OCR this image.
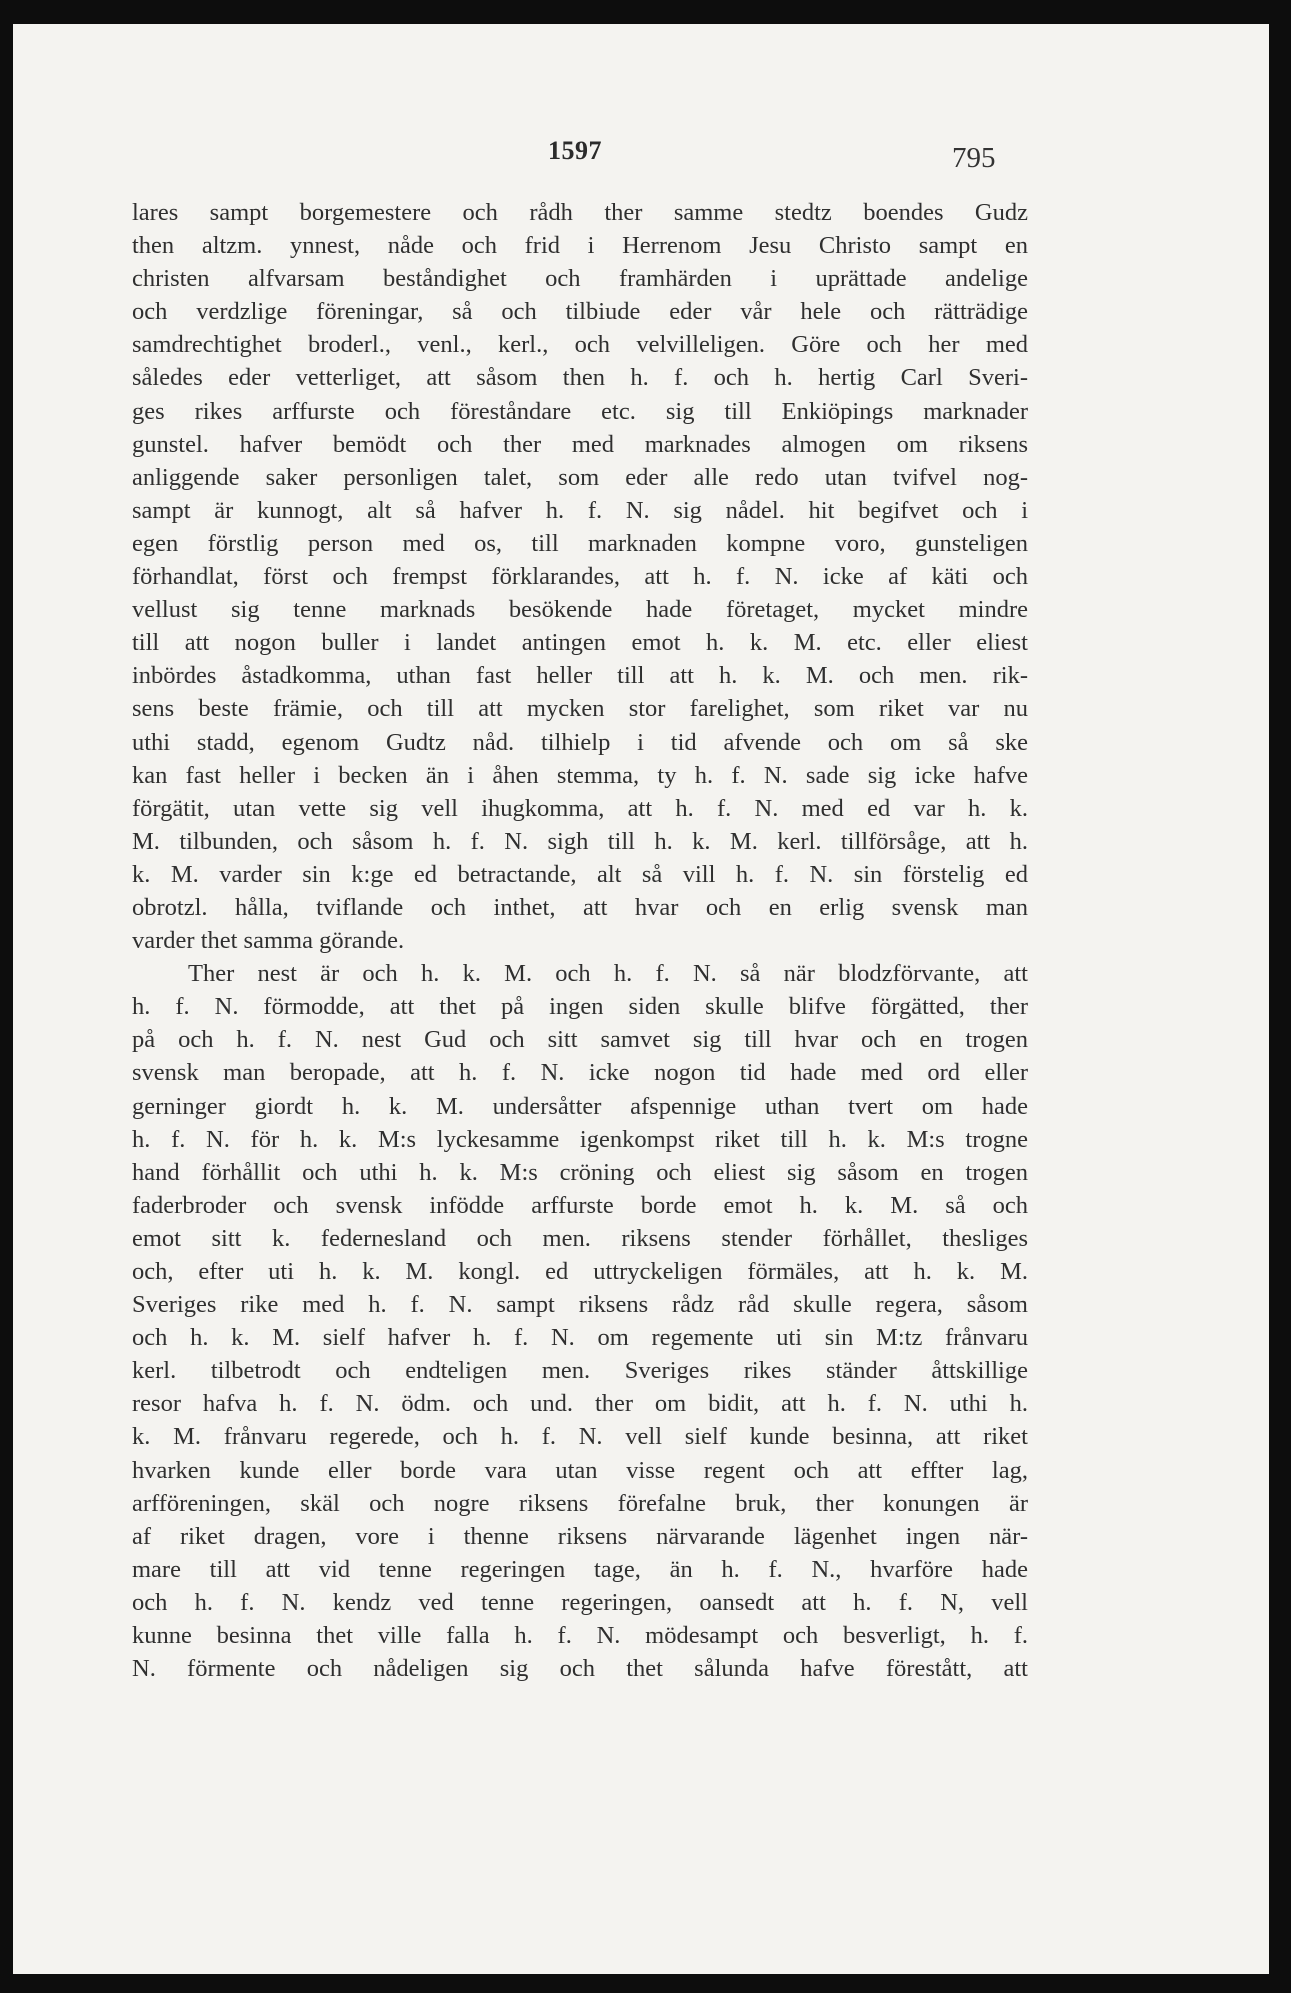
1597	795
lares sampt borgemestere och rådh ther samme stedtz boendes Gudz
then altzm. ynnest, nåde och frid i Herrenom Jesu Christo sampt en
christen alfvarsam beståndighet och framhärden i uprättade andelige
och verdzlige föreningar, så och tilbiude eder vår hele och rätträdige
samdrechtighet broderl., venl., kerl., och velvilleligen. Göre och her med
således eder vetterliget, att såsom then h. f. och h. hertig Carl Sveri-
ges rikes arffurste och föreståndare etc. sig till Enkiöpings marknader
gunstel. hafver bemödt och ther med marknades almogen om riksens
anliggende saker personligen talet, som eder alle redo utan tvifvel nog-
sampt är kunnogt, alt så hafver h. f. N. sig nådel. hit begifvet och i
egen förstlig person med os, till marknaden kompne voro, gunsteligen
förhandlat, först och frempst förklarandes, att h. f. N. icke af käti och
vellust sig tenne marknads besökende hade företaget, mycket mindre
till att nogon buller i landet antingen emot h. k. M. etc. eller eliest
inbördes åstadkomma, uthan fast heller till att h. k. M. och men. rik-
sens beste främie, och till att mycken stor farelighet, som riket var nu
uthi stadd, egenom Gudtz nåd. tilhielp i tid afvende och om så ske
kan fast heller i becken än i åhen stemma, ty h. f. N. sade sig icke hafve
förgätit, utan vette sig vell ihugkomma, att h. f. N. med ed var h. k.
M. tilbunden, och såsom h. f. N. sigh till h. k. M. kerl. tillförsåge, att h.
k. M. varder sin k:ge ed betractande, alt så vill h. f. N. sin förstelig ed
obrotzl. hålla, tviflande och inthet, att hvar och en erlig svensk man
varder thet samma görande.
Ther nest är och h. k. M. och h. f. N. så när blodzförvante, att
h. f. N. förmodde, att thet på ingen siden skulle blifve förgätted, ther
på och h. f. N. nest Gud och sitt samvet sig till hvar och en trogen
svensk man beropade, att h. f. N. icke nogon tid hade med ord eller
gerninger giordt h. k. M. undersåtter afspennige uthan tvert om hade
h. f. N. för h. k. M:s lyckesamme igenkompst riket till h. k. M:s trogne
hand förhållit och uthi h. k. M:s cröning och eliest sig såsom en trogen
faderbroder och svensk infödde arffurste borde emot h. k. M. så och
emot sitt k. federnesland och men. riksens stender förhållet, thesliges
och, efter uti h. k. M. kongl. ed uttryckeligen förmäles, att h. k. M.
Sveriges rike med h. f. N. sampt riksens rådz råd skulle regera, såsom
och h. k. M. sielf hafver h. f. N. om regemente uti sin M:tz frånvaru
kerl. tilbetrodt och endteligen men. Sveriges rikes ständer åttskillige
resor hafva h. f. N. ödm. och und. ther om bidit, att h. f. N. uthi h.
k. M. frånvaru regerede, och h. f. N. vell sielf kunde besinna, att riket
hvarken kunde eller borde vara utan visse regent och att effter lag,
arfföreningen, skäl och nogre riksens förefalne bruk, ther konungen är
af riket dragen, vore i thenne riksens närvarande lägenhet ingen när-
mare till att vid tenne regeringen tage, än h. f. N., hvarföre hade
och h. f. N. kendz ved tenne regeringen, oansedt att h. f. N, vell
kunne besinna thet ville falla h. f. N. mödesampt och besverligt, h. f.
N. förmente och nådeligen sig och thet sålunda hafve förestått, att
